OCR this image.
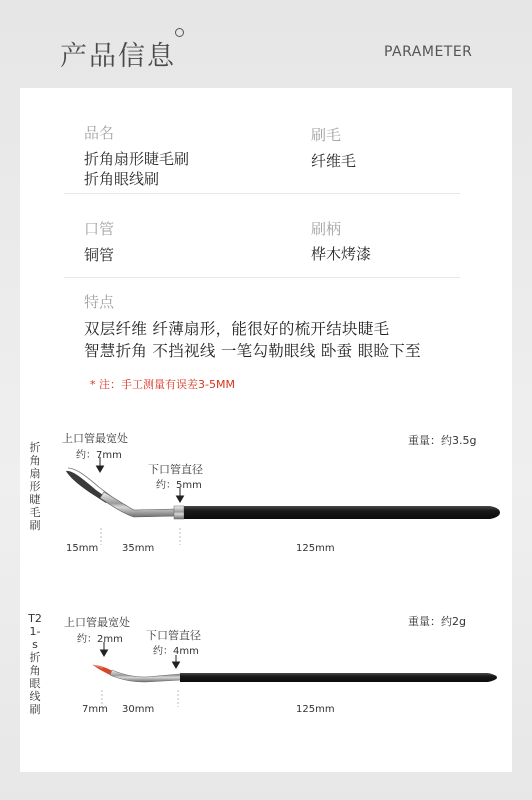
产品信息	PARAMETER
品名
折角扇形睫毛刷
折角眼线刷
刷毛
纤维毛
口管
铜管
刷柄
桦木烤漆
特点
双层纤维 纤薄扇形，能很好的梳开结块睫毛
智慧折角 不挡视线 一笔勾勒眼线 卧蚕 眼睑下至
* 注：手工测量有误差3-5MM
折角扇形睫毛刷
上口管最宽处
约：7mm
下口管直径
约：5mm
重量：约3.5g
15mm 35mm	125mm
T21-s折角眼线刷
上口管最宽处
约：2mm 下口管直径
约：4mm
重量：约2g
7mm 30mm	125mm
